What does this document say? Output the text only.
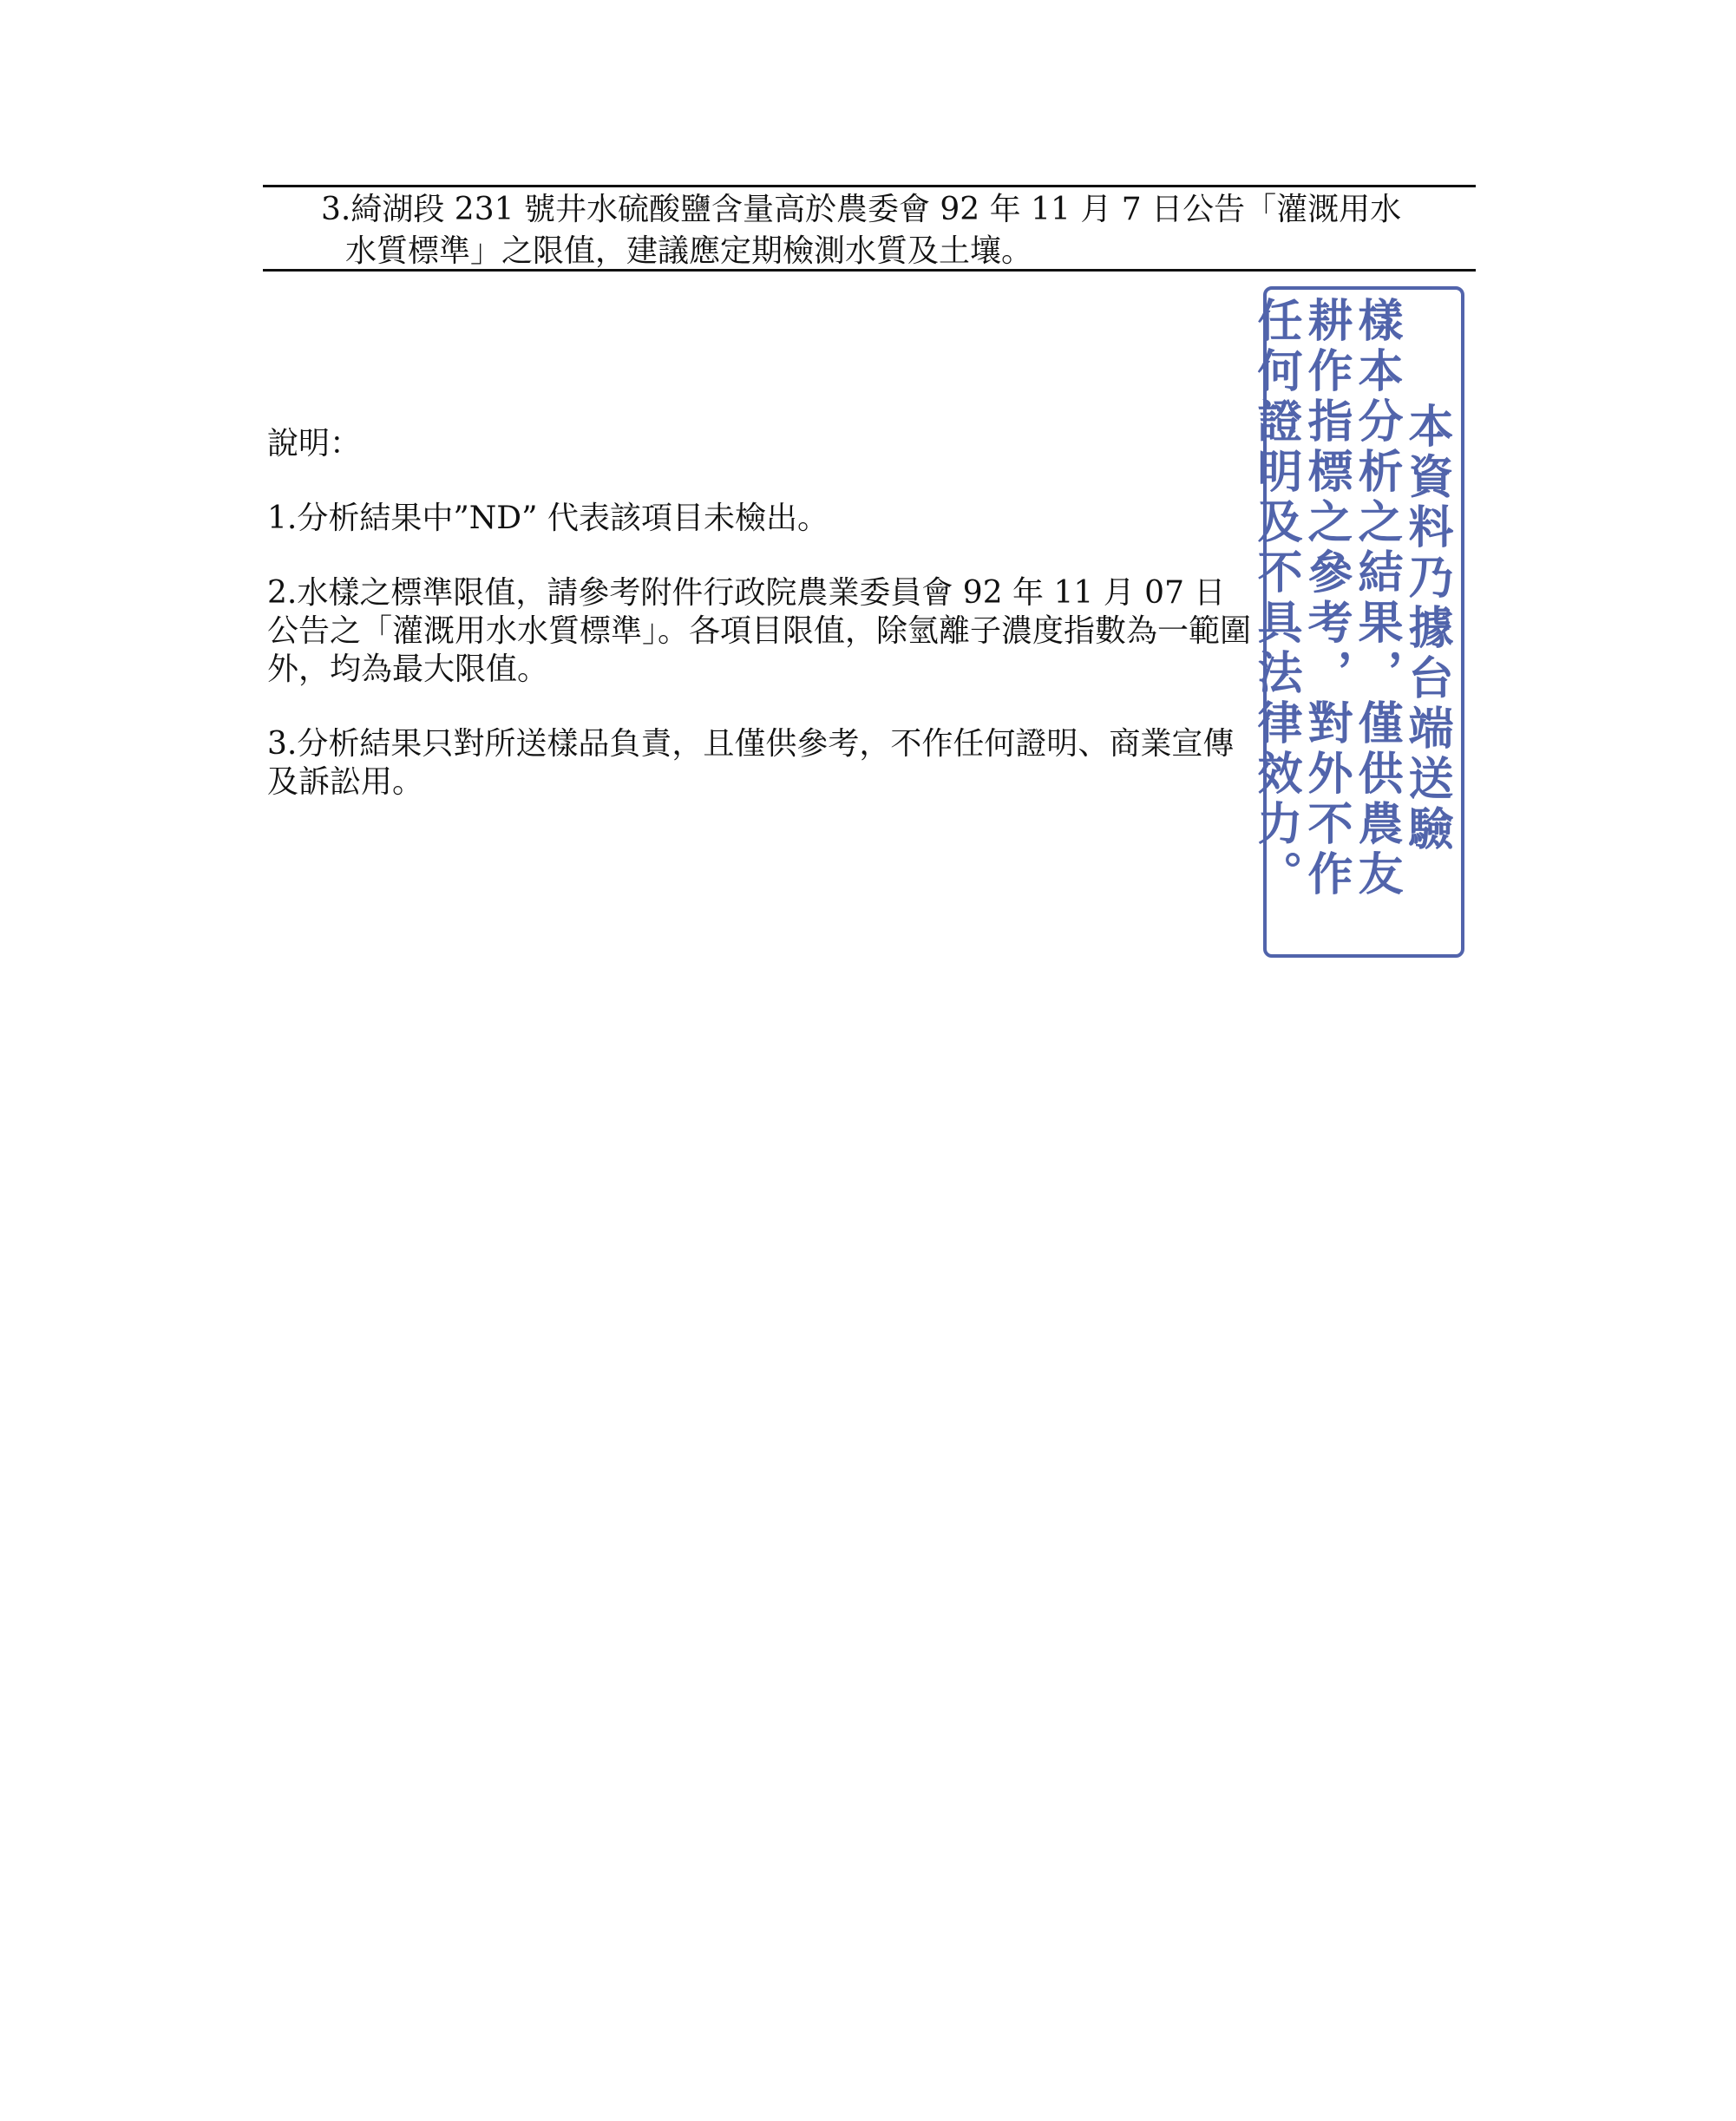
3.綺湖段 231 號井水硫酸鹽含量高於農委會 92 年 11 月 7 日公告「灌溉用水
水質標準」之限值，建議應定期檢測水質及土壤。

說明：

1.分析結果中”ND” 代表該項目未檢出。

2.水樣之標準限值，請參考附件行政院農業委員會 92 年 11 月 07 日公告之「灌溉用水水質標準」。各項目限值，除氫離子濃度指數為一範圍外，均為最大限值。

3.分析結果只對所送樣品負責，且僅供參考，不作任何證明、商業宣傳及訴訟用。	本資料乃據台端送驗
樣本分析之結果，僅供農友
耕作指標之參考，對外不作
任何證明及不具法律效力。
